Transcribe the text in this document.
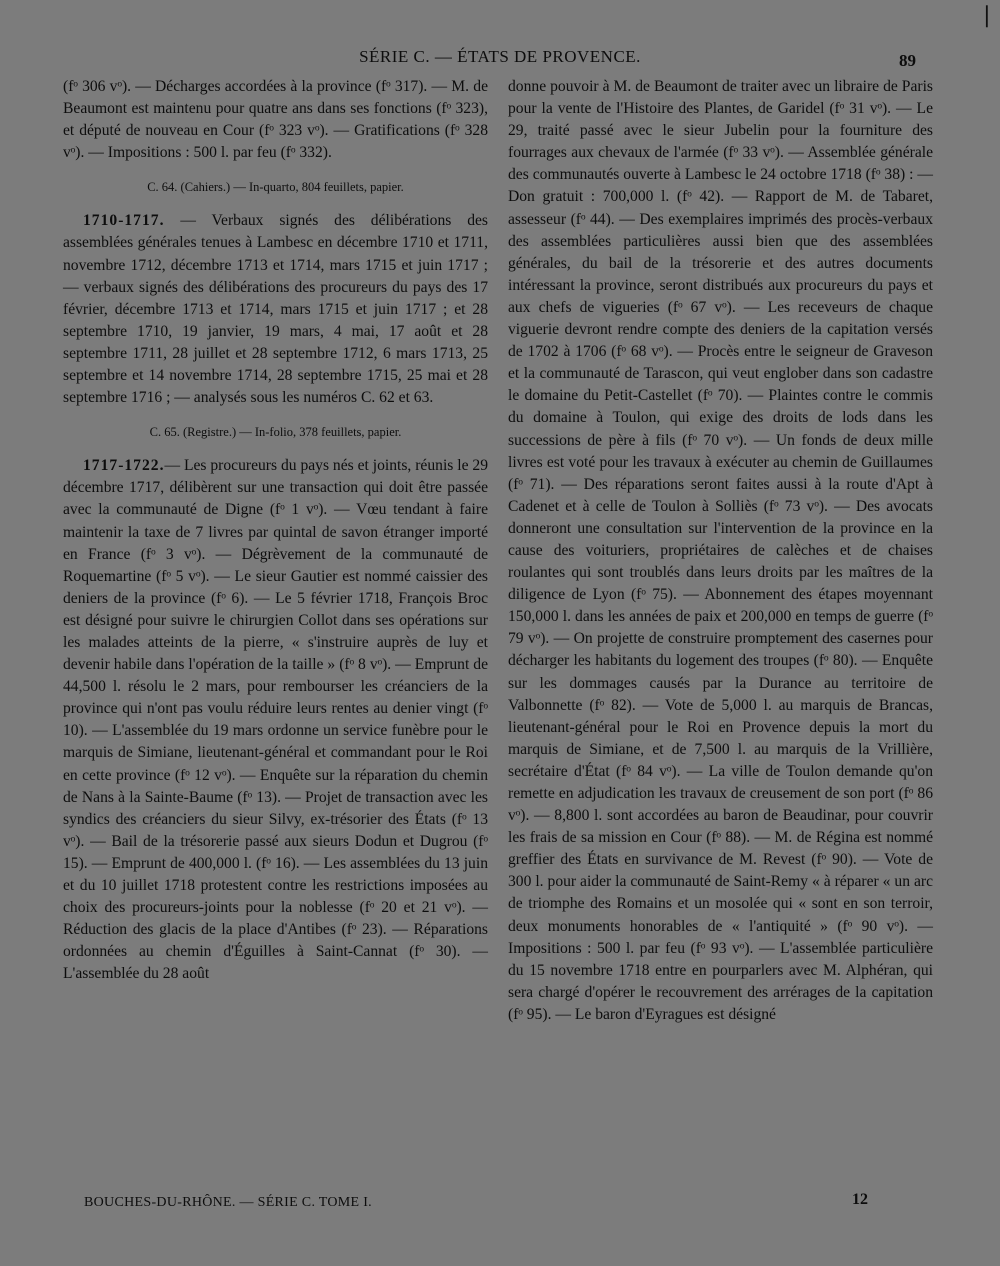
❘
SÉRIE C. — ÉTATS DE PROVENCE.	89

(fᵒ 306 vᵒ). — Décharges accordées à la province (fᵒ 317). — M. de Beaumont est maintenu pour quatre ans dans ses fonctions (fᵒ 323), et député de nouveau en Cour (fᵒ 323 vᵒ). — Gratifications (fᵒ 328 vᵒ). — Impositions : 500 l. par feu (fᵒ 332).

C. 64. (Cahiers.) — In-quarto, 804 feuillets, papier.

1710-1717. — Verbaux signés des délibérations des assemblées générales tenues à Lambesc en décembre 1710 et 1711, novembre 1712, décembre 1713 et 1714, mars 1715 et juin 1717 ; — verbaux signés des délibérations des procureurs du pays des 17 février, décembre 1713 et 1714, mars 1715 et juin 1717 ; et 28 septembre 1710, 19 janvier, 19 mars, 4 mai, 17 août et 28 septembre 1711, 28 juillet et 28 septembre 1712, 6 mars 1713, 25 septembre et 14 novembre 1714, 28 septembre 1715, 25 mai et 28 septembre 1716 ; — analysés sous les numéros C. 62 et 63.

C. 65. (Registre.) — In-folio, 378 feuillets, papier.

1717-1722.— Les procureurs du pays nés et joints, réunis le 29 décembre 1717, délibèrent sur une transaction qui doit être passée avec la communauté de Digne (fᵒ 1 vᵒ). — Vœu tendant à faire maintenir la taxe de 7 livres par quintal de savon étranger importé en France (fᵒ 3 vᵒ). — Dégrèvement de la communauté de Roquemartine (fᵒ 5 vᵒ). — Le sieur Gautier est nommé caissier des deniers de la province (fᵒ 6). — Le 5 février 1718, François Broc est désigné pour suivre le chirurgien Collot dans ses opérations sur les malades atteints de la pierre, « s'instruire auprès de luy et devenir habile dans l'opération de la taille » (fᵒ 8 vᵒ). — Emprunt de 44,500 l. résolu le 2 mars, pour rembourser les créanciers de la province qui n'ont pas voulu réduire leurs rentes au denier vingt (fᵒ 10). — L'assemblée du 19 mars ordonne un service funèbre pour le marquis de Simiane, lieutenant-général et commandant pour le Roi en cette province (fᵒ 12 vᵒ). — Enquête sur la réparation du chemin de Nans à la Sainte-Baume (fᵒ 13). — Projet de transaction avec les syndics des créanciers du sieur Silvy, ex-trésorier des États (fᵒ 13 vᵒ). — Bail de la trésorerie passé aux sieurs Dodun et Dugrou (fᵒ 15). — Emprunt de 400,000 l. (fᵒ 16). — Les assemblées du 13 juin et du 10 juillet 1718 protestent contre les restrictions imposées au choix des procureurs-joints pour la noblesse (fᵒ 20 et 21 vᵒ). — Réduction des glacis de la place d'Antibes (fᵒ 23). — Réparations ordonnées au chemin d'Éguilles à Saint-Cannat (fᵒ 30). — L'assemblée du 28 août

donne pouvoir à M. de Beaumont de traiter avec un libraire de Paris pour la vente de l'Histoire des Plantes, de Garidel (fᵒ 31 vᵒ). — Le 29, traité passé avec le sieur Jubelin pour la fourniture des fourrages aux chevaux de l'armée (fᵒ 33 vᵒ). — Assemblée générale des communautés ouverte à Lambesc le 24 octobre 1718 (fᵒ 38) : — Don gratuit : 700,000 l. (fᵒ 42). — Rapport de M. de Tabaret, assesseur (fᵒ 44). — Des exemplaires imprimés des procès-verbaux des assemblées particulières aussi bien que des assemblées générales, du bail de la trésorerie et des autres documents intéressant la province, seront distribués aux procureurs du pays et aux chefs de vigueries (fᵒ 67 vᵒ). — Les receveurs de chaque viguerie devront rendre compte des deniers de la capitation versés de 1702 à 1706 (fᵒ 68 vᵒ). — Procès entre le seigneur de Graveson et la communauté de Tarascon, qui veut englober dans son cadastre le domaine du Petit-Castellet (fᵒ 70). — Plaintes contre le commis du domaine à Toulon, qui exige des droits de lods dans les successions de père à fils (fᵒ 70 vᵒ). — Un fonds de deux mille livres est voté pour les travaux à exécuter au chemin de Guillaumes (fᵒ 71). — Des réparations seront faites aussi à la route d'Apt à Cadenet et à celle de Toulon à Solliès (fᵒ 73 vᵒ). — Des avocats donneront une consultation sur l'intervention de la province en la cause des voituriers, propriétaires de calèches et de chaises roulantes qui sont troublés dans leurs droits par les maîtres de la diligence de Lyon (fᵒ 75). — Abonnement des étapes moyennant 150,000 l. dans les années de paix et 200,000 en temps de guerre (fᵒ 79 vᵒ). — On projette de construire promptement des casernes pour décharger les habitants du logement des troupes (fᵒ 80). — Enquête sur les dommages causés par la Durance au territoire de Valbonnette (fᵒ 82). — Vote de 5,000 l. au marquis de Brancas, lieutenant-général pour le Roi en Provence depuis la mort du marquis de Simiane, et de 7,500 l. au marquis de la Vrillière, secrétaire d'État (fᵒ 84 vᵒ). — La ville de Toulon demande qu'on remette en adjudication les travaux de creusement de son port (fᵒ 86 vᵒ). — 8,800 l. sont accordées au baron de Beaudinar, pour couvrir les frais de sa mission en Cour (fᵒ 88). — M. de Régina est nommé greffier des États en survivance de M. Revest (fᵒ 90). — Vote de 300 l. pour aider la communauté de Saint-Remy « à réparer « un arc de triomphe des Romains et un mosolée qui « sont en son terroir, deux monuments honorables de « l'antiquité » (fᵒ 90 vᵒ). — Impositions : 500 l. par feu (fᵒ 93 vᵒ). — L'assemblée particulière du 15 novembre 1718 entre en pourparlers avec M. Alphéran, qui sera chargé d'opérer le recouvrement des arrérages de la capitation (fᵒ 95). — Le baron d'Eyragues est désigné

BOUCHES-DU-RHÔNE. — SÉRIE C. TOME I.	12
